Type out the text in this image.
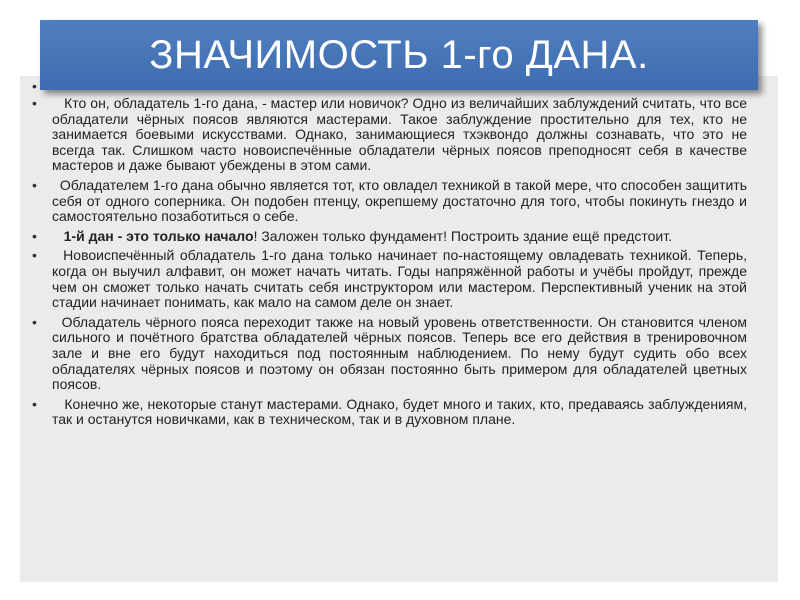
ЗНАЧИМОСТЬ 1-го ДАНА.
•
• Кто он, обладатель 1-го дана, - мастер или новичок? Одно из величайших заблуждений считать, что все обладатели чёрных поясов являются мастерами. Такое заблуждение простительно для тех, кто не занимается боевыми искусствами. Однако, занимающиеся тхэквондо должны сознавать, что это не всегда так. Слишком часто новоиспечённые обладатели чёрных поясов преподносят себя в качестве мастеров и даже бывают убеждены в этом сами.
• Обладателем 1-го дана обычно является тот, кто овладел техникой в такой мере, что способен защитить себя от одного соперника. Он подобен птенцу, окрепшему достаточно для того, чтобы покинуть гнездо и самостоятельно позаботиться о себе.
• 1-й дан - это только начало! Заложен только фундамент! Построить здание ещё предстоит.
• Новоиспечённый обладатель 1-го дана только начинает по-настоящему овладевать техникой. Теперь, когда он выучил алфавит, он может начать читать. Годы напряжённой работы и учёбы пройдут, прежде чем он сможет только начать считать себя инструктором или мастером. Перспективный ученик на этой стадии начинает понимать, как мало на самом деле он знает.
• Обладатель чёрного пояса переходит также на новый уровень ответственности. Он становится членом сильного и почётного братства обладателей чёрных поясов. Теперь все его действия в тренировочном зале и вне его будут находиться под постоянным наблюдением. По нему будут судить обо всех обладателях чёрных поясов и поэтому он обязан постоянно быть примером для обладателей цветных поясов.
• Конечно же, некоторые станут мастерами. Однако, будет много и таких, кто, предаваясь заблуждениям, так и останутся новичками, как в техническом, так и в духовном плане.
